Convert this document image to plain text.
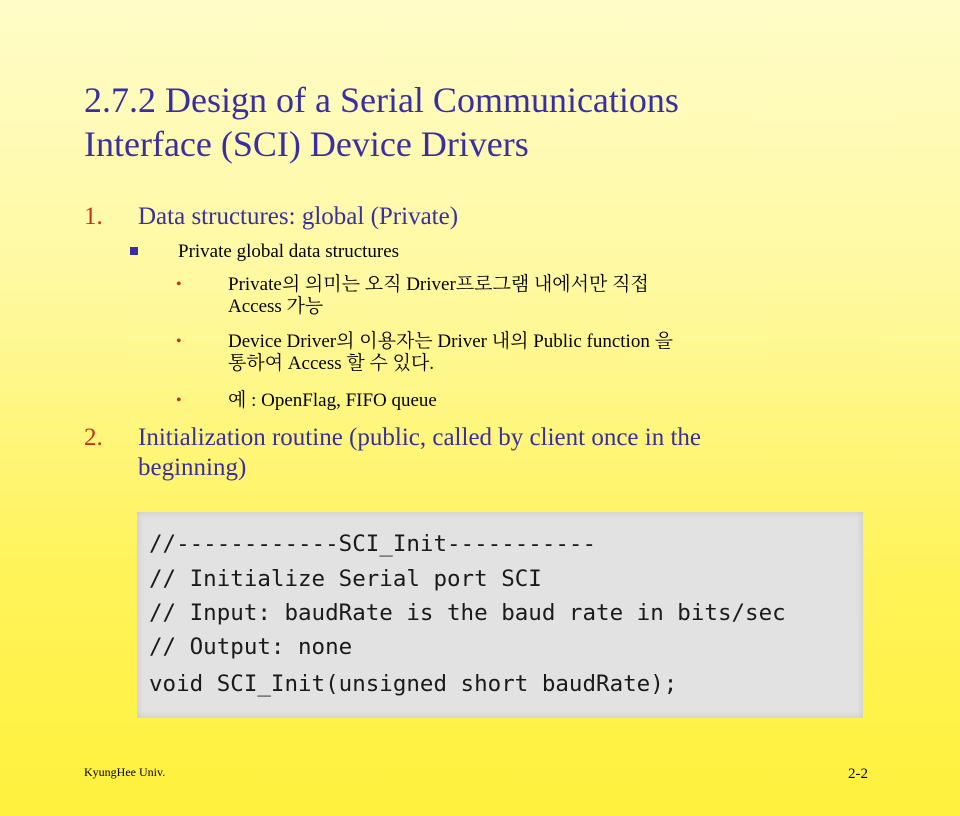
2.7.2 Design of a Serial Communications
Interface (SCI) Device Drivers
1. Data structures: global (Private)
Private global data structures
• Private의 의미는 오직 Driver프로그램 내에서만 직접
Access 가능
• Device Driver의 이용자는 Driver 내의 Public function 을
통하여 Access 할 수 있다.
• 예 : OpenFlag, FIFO queue
2. Initialization routine (public, called by client once in the
beginning)
//------------SCI_Init-----------
// Initialize Serial port SCI
// Input: baudRate is the baud rate in bits/sec
// Output: none
void SCI_Init(unsigned short baudRate);
KyungHee Univ.	2-2
